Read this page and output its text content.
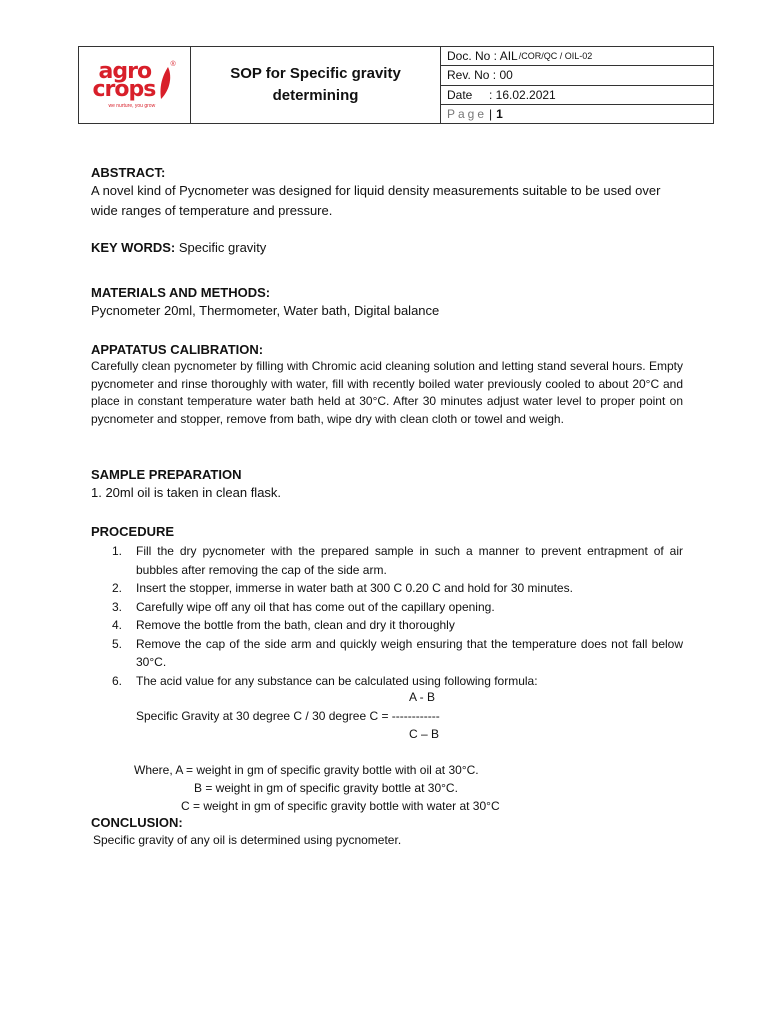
agro
crops
®
we nurture, you grow
SOP for Specific gravity determining
Doc. No : AIL /COR/QC / OIL-02
Rev. No : 00
Date	: 16.02.2021
Page | 1
ABSTRACT:
A novel kind of Pycnometer was designed for liquid density measurements suitable to be used over wide ranges of temperature and pressure.
KEY WORDS: Specific gravity
MATERIALS AND METHODS:
Pycnometer 20ml, Thermometer, Water bath, Digital balance
APPATATUS CALIBRATION:
Carefully clean pycnometer by filling with Chromic acid cleaning solution and letting stand several hours. Empty pycnometer and rinse thoroughly with water, fill with recently boiled water previously cooled to about 20°C and place in constant temperature water bath held at 30°C. After 30 minutes adjust water level to proper point on pycnometer and stopper, remove from bath, wipe dry with clean cloth or towel and weigh.
SAMPLE PREPARATION
1. 20ml oil is taken in clean flask.
PROCEDURE
1. Fill the dry pycnometer with the prepared sample in such a manner to prevent entrapment of air bubbles after removing the cap of the side arm.
2. Insert the stopper, immerse in water bath at 300 C 0.20 C and hold for 30 minutes.
3. Carefully wipe off any oil that has come out of the capillary opening.
4. Remove the bottle from the bath, clean and dry it thoroughly
5. Remove the cap of the side arm and quickly weigh ensuring that the temperature does not fall below 30°C.
6. The acid value for any substance can be calculated using following formula:
A - B
Specific Gravity at 30 degree C / 30 degree C = ------------
C – B
Where, A = weight in gm of specific gravity bottle with oil at 30°C.
B = weight in gm of specific gravity bottle at 30°C.
C = weight in gm of specific gravity bottle with water at 30°C
CONCLUSION:
Specific gravity of any oil is determined using pycnometer.
